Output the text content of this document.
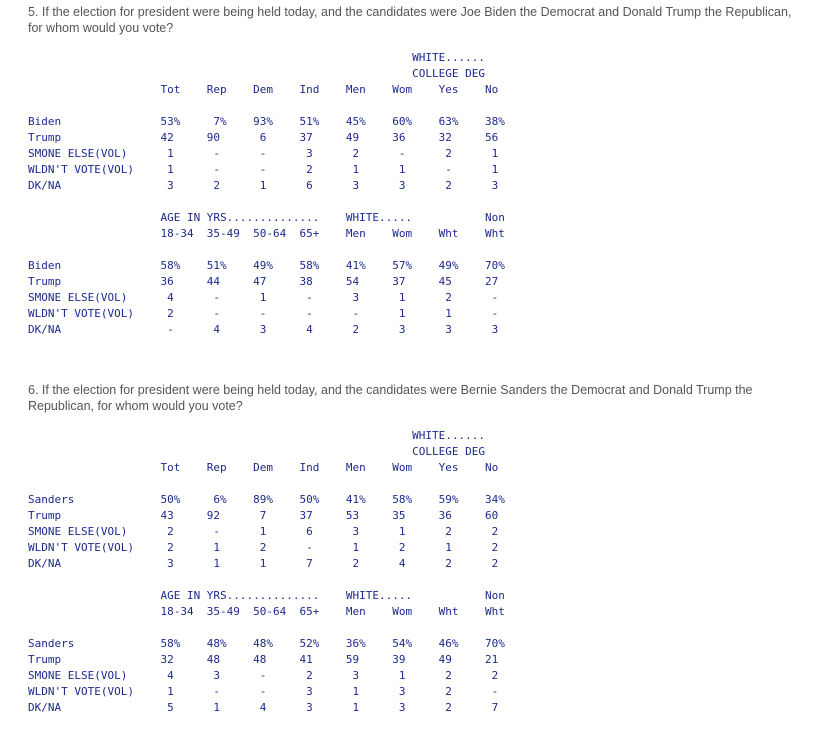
5. If the election for president were being held today, and the candidates were Joe Biden the Democrat and Donald Trump the Republican, for whom would you vote?
WHITE......
COLLEGE DEG
Tot    Rep    Dem    Ind    Men    Wom    Yes    No
Biden               53%     7%    93%    51%    45%    60%    63%    38%
Trump               42     90      6     37     49     36     32     56
SMONE ELSE(VOL)      1      -      -      3      2      -      2      1
WLDN'T VOTE(VOL)     1      -      -      2      1      1      -      1
DK/NA                3      2      1      6      3      3      2      3
AGE IN YRS..............    WHITE.....           Non
18-34  35-49  50-64  65+    Men    Wom    Wht    Wht
Biden               58%    51%    49%    58%    41%    57%    49%    70%
Trump               36     44     47     38     54     37     45     27
SMONE ELSE(VOL)      4      -      1      -      3      1      2      -
WLDN'T VOTE(VOL)     2      -      -      -      -      1      1      -
DK/NA                -      4      3      4      2      3      3      3
6. If the election for president were being held today, and the candidates were Bernie Sanders the Democrat and Donald Trump the Republican, for whom would you vote?
WHITE......
COLLEGE DEG
Tot    Rep    Dem    Ind    Men    Wom    Yes    No
Sanders             50%     6%    89%    50%    41%    58%    59%    34%
Trump               43     92      7     37     53     35     36     60
SMONE ELSE(VOL)      2      -      1      6      3      1      2      2
WLDN'T VOTE(VOL)     2      1      2      -      1      2      1      2
DK/NA                3      1      1      7      2      4      2      2
AGE IN YRS..............    WHITE.....           Non
18-34  35-49  50-64  65+    Men    Wom    Wht    Wht
Sanders             58%    48%    48%    52%    36%    54%    46%    70%
Trump               32     48     48     41     59     39     49     21
SMONE ELSE(VOL)      4      3      -      2      3      1      2      2
WLDN'T VOTE(VOL)     1      -      -      3      1      3      2      -
DK/NA                5      1      4      3      1      3      2      7
